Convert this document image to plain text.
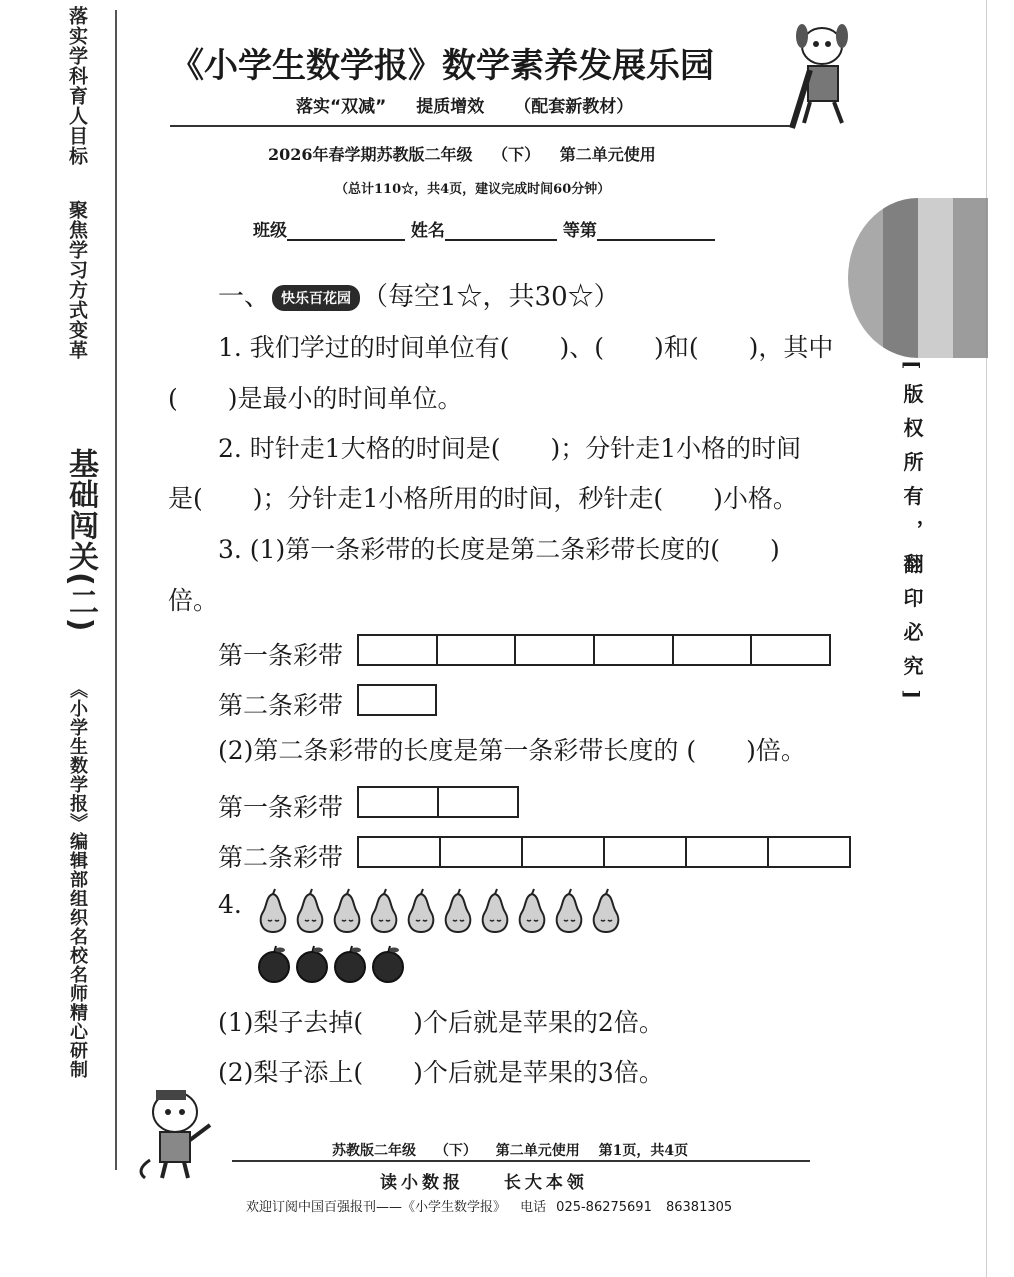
落实学科育人目标
聚焦学习方式变革
基础闯关(二)
《小学生数学报》编辑部组织名校名师精心研制
《小学生数学报》数学素养发展乐园
落实“双减” 提质增效 （配套新教材）
2026年春学期苏教版二年级 （下） 第二单元使用
（总计110☆，共4页，建议完成时间60分钟）
班级	姓名	等第
[版权所有，翻印必究]
一、 快乐百花园 （每空1☆，共30☆）
1. 我们学过的时间单位有(　　)、(　　)和(　　)，其中
(　　)是最小的时间单位。
2. 时针走1大格的时间是(　　)；分针走1小格的时间
是(　　)；分针走1小格所用的时间，秒针走(　　)小格。
3. (1)第一条彩带的长度是第二条彩带长度的(　　)
倍。
第一条彩带
第二条彩带
(2)第二条彩带的长度是第一条彩带长度的 (　　)倍。
第一条彩带
第二条彩带
4.
(1)梨子去掉(　　)个后就是苹果的2倍。
(2)梨子添上(　　)个后就是苹果的3倍。
苏教版二年级 （下） 第二单元使用 第1页，共4页
读小数报 长大本领
欢迎订阅中国百强报刊——《小学生数学报》 电话 025-86275691 86381305
